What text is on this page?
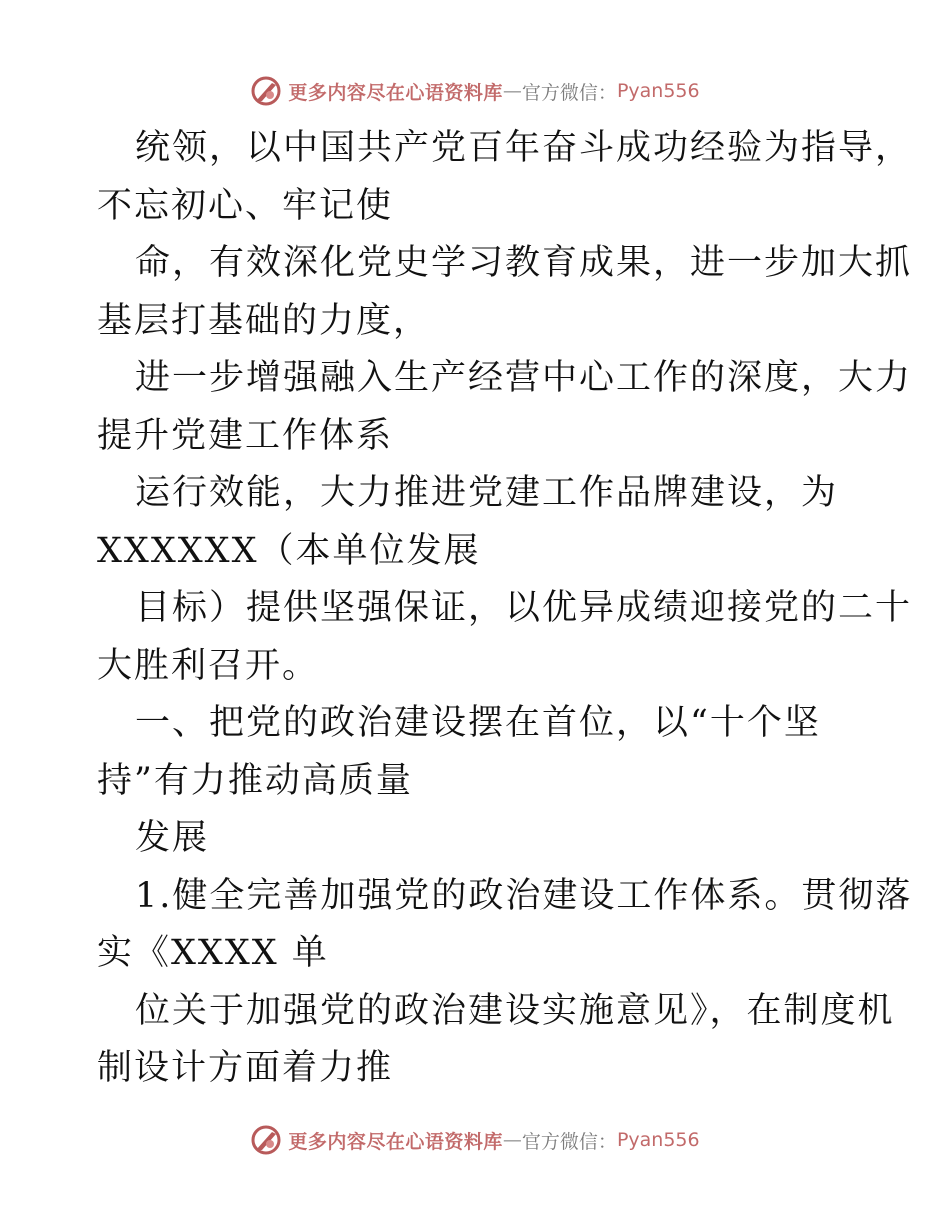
更多内容尽在心语资料库 — 官方微信： Pyan556
统领，以中国共产党百年奋斗成功经验为指导，
不忘初心、牢记使
命，有效深化党史学习教育成果，进一步加大抓
基层打基础的力度，
进一步增强融入生产经营中心工作的深度，大力
提升党建工作体系
运行效能，大力推进党建工作品牌建设，为
XXXXXX（本单位发展
目标）提供坚强保证，以优异成绩迎接党的二十
大胜利召开。
一、把党的政治建设摆在首位，以“十个坚
持”有力推动高质量
发展
1.健全完善加强党的政治建设工作体系。贯彻落
实《XXXX 单
位关于加强党的政治建设实施意见》，在制度机
制设计方面着力推
更多内容尽在心语资料库 — 官方微信： Pyan556
